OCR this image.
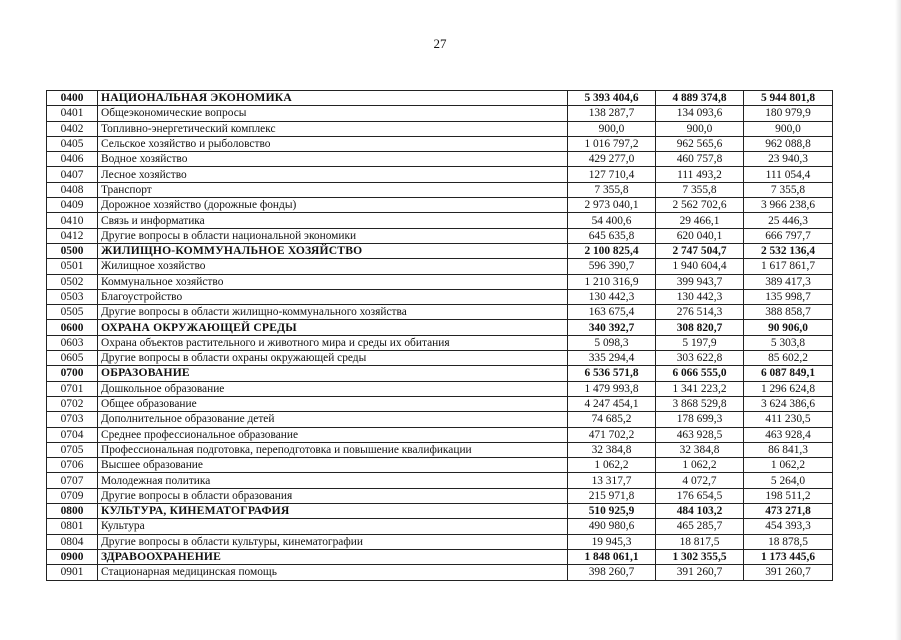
27
0400	НАЦИОНАЛЬНАЯ ЭКОНОМИКА	5 393 404,6	4 889 374,8	5 944 801,8
0401	Общеэкономические вопросы	138 287,7	134 093,6	180 979,9
0402	Топливно-энергетический комплекс	900,0	900,0	900,0
0405	Сельское хозяйство и рыболовство	1 016 797,2	962 565,6	962 088,8
0406	Водное хозяйство	429 277,0	460 757,8	23 940,3
0407	Лесное хозяйство	127 710,4	111 493,2	111 054,4
0408	Транспорт	7 355,8	7 355,8	7 355,8
0409	Дорожное хозяйство (дорожные фонды)	2 973 040,1	2 562 702,6	3 966 238,6
0410	Связь и информатика	54 400,6	29 466,1	25 446,3
0412	Другие вопросы в области национальной экономики	645 635,8	620 040,1	666 797,7
0500	ЖИЛИЩНО-КОММУНАЛЬНОЕ ХОЗЯЙСТВО	2 100 825,4	2 747 504,7	2 532 136,4
0501	Жилищное хозяйство	596 390,7	1 940 604,4	1 617 861,7
0502	Коммунальное хозяйство	1 210 316,9	399 943,7	389 417,3
0503	Благоустройство	130 442,3	130 442,3	135 998,7
0505	Другие вопросы в области жилищно-коммунального хозяйства	163 675,4	276 514,3	388 858,7
0600	ОХРАНА ОКРУЖАЮЩЕЙ СРЕДЫ	340 392,7	308 820,7	90 906,0
0603	Охрана объектов растительного и животного мира и среды их обитания	5 098,3	5 197,9	5 303,8
0605	Другие вопросы в области охраны окружающей среды	335 294,4	303 622,8	85 602,2
0700	ОБРАЗОВАНИЕ	6 536 571,8	6 066 555,0	6 087 849,1
0701	Дошкольное образование	1 479 993,8	1 341 223,2	1 296 624,8
0702	Общее образование	4 247 454,1	3 868 529,8	3 624 386,6
0703	Дополнительное образование детей	74 685,2	178 699,3	411 230,5
0704	Среднее профессиональное образование	471 702,2	463 928,5	463 928,4
0705	Профессиональная подготовка, переподготовка и повышение квалификации	32 384,8	32 384,8	86 841,3
0706	Высшее образование	1 062,2	1 062,2	1 062,2
0707	Молодежная политика	13 317,7	4 072,7	5 264,0
0709	Другие вопросы в области образования	215 971,8	176 654,5	198 511,2
0800	КУЛЬТУРА, КИНЕМАТОГРАФИЯ	510 925,9	484 103,2	473 271,8
0801	Культура	490 980,6	465 285,7	454 393,3
0804	Другие вопросы в области культуры, кинематографии	19 945,3	18 817,5	18 878,5
0900	ЗДРАВООХРАНЕНИЕ	1 848 061,1	1 302 355,5	1 173 445,6
0901	Стационарная медицинская помощь	398 260,7	391 260,7	391 260,7
